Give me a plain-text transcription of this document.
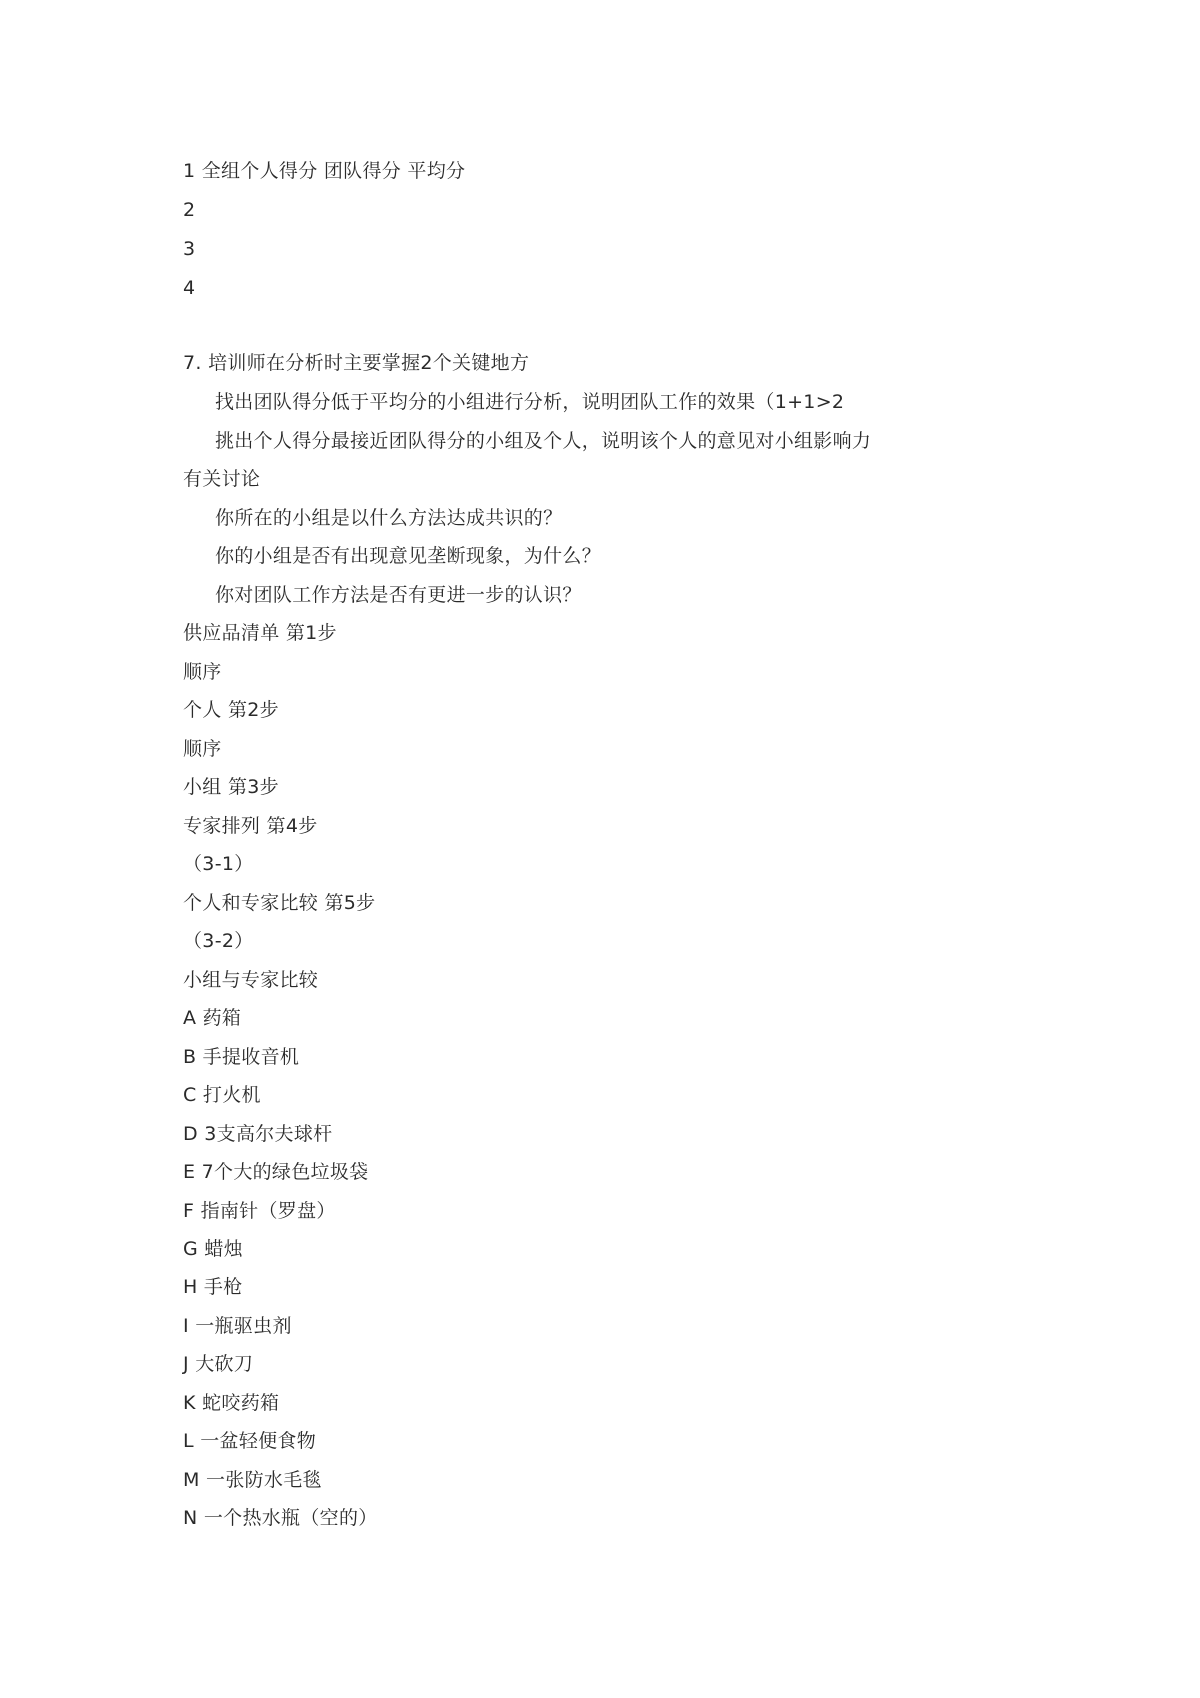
1 全组个人得分 团队得分 平均分
2
3
4
7. 培训师在分析时主要掌握2个关键地方
找出团队得分低于平均分的小组进行分析，说明团队工作的效果（1+1>2
挑出个人得分最接近团队得分的小组及个人，说明该个人的意见对小组影响力
有关讨论
你所在的小组是以什么方法达成共识的？
你的小组是否有出现意见垄断现象，为什么？
你对团队工作方法是否有更进一步的认识？
供应品清单 第1步
顺序
个人 第2步
顺序
小组 第3步
专家排列 第4步
（3-1）
个人和专家比较 第5步
（3-2）
小组与专家比较
A 药箱
B 手提收音机
C 打火机
D 3支高尔夫球杆
E 7个大的绿色垃圾袋
F 指南针（罗盘）
G 蜡烛
H 手枪
I 一瓶驱虫剂
J 大砍刀
K 蛇咬药箱
L 一盆轻便食物
M 一张防水毛毯
N 一个热水瓶（空的）
